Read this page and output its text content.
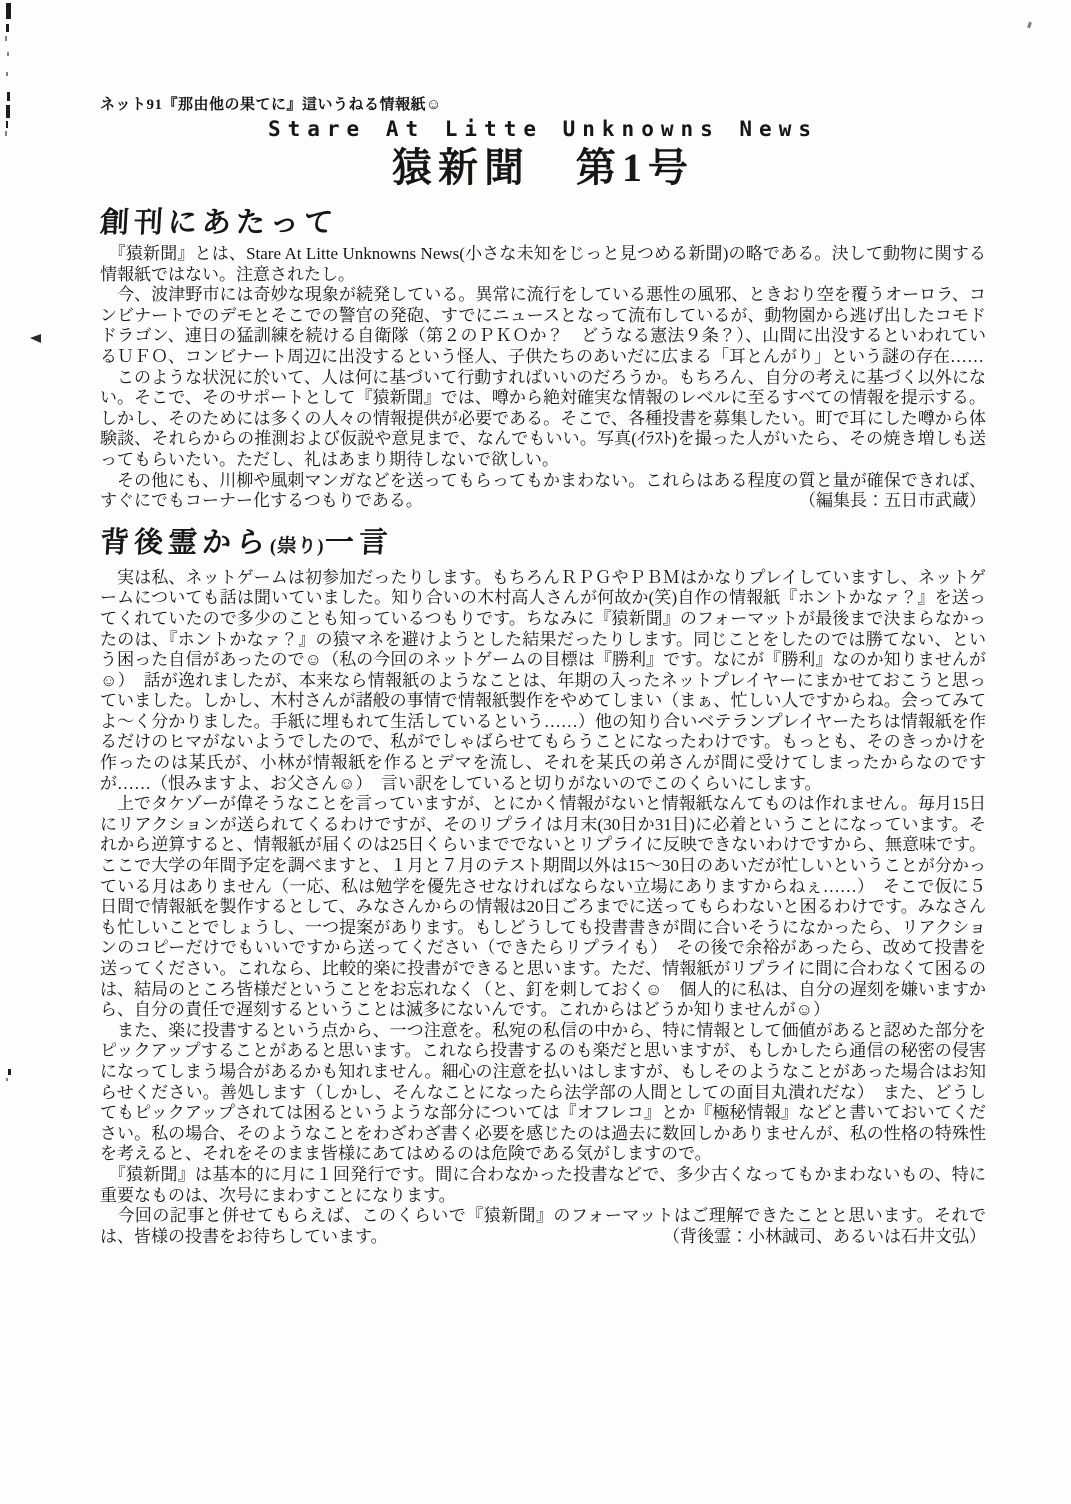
ネット91『那由他の果てに』這いうねる情報紙☺
Stare At Litte Unknowns News
猿新聞　第1号
創刊にあたって

　『猿新聞』とは、Stare At Litte Unknowns News(小さな未知をじっと見つめる新聞)の略である。決して動物に関する情報紙ではない。注意されたし。

　今、波津野市には奇妙な現象が続発している。異常に流行をしている悪性の風邪、ときおり空を覆うオーロラ、コンビナートでのデモとそこでの警官の発砲、すでにニュースとなって流布しているが、動物園から逃げ出したコモドドラゴン、連日の猛訓練を続ける自衛隊（第２のＰＫＯか？　どうなる憲法９条？）、山間に出没するといわれているＵＦＯ、コンビナート周辺に出没するという怪人、子供たちのあいだに広まる「耳とんがり」という謎の存在……

　このような状況に於いて、人は何に基づいて行動すればいいのだろうか。もちろん、自分の考えに基づく以外にない。そこで、そのサポートとして『猿新聞』では、噂から絶対確実な情報のレベルに至るすべての情報を提示する。しかし、そのためには多くの人々の情報提供が必要である。そこで、各種投書を募集したい。町で耳にした噂から体験談、それらからの推測および仮説や意見まで、なんでもいい。写真(ｲﾗｽﾄ)を撮った人がいたら、その焼き増しも送ってもらいたい。ただし、礼はあまり期待しないで欲しい。

　その他にも、川柳や風刺マンガなどを送ってもらってもかまわない。これらはある程度の質と量が確保できれば、すぐにでもコーナー化するつもりである。	（編集長：五日市武蔵）
背後霊から(祟り)一言

　実は私、ネットゲームは初参加だったりします。もちろんＲＰＧやＰＢＭはかなりプレイしていますし、ネットゲームについても話は聞いていました。知り合いの木村高人さんが何故か(笑)自作の情報紙『ホントかなァ？』を送ってくれていたので多少のことも知っているつもりです。ちなみに『猿新聞』のフォーマットが最後まで決まらなかったのは、『ホントかなァ？』の猿マネを避けようとした結果だったりします。同じことをしたのでは勝てない、という困った自信があったので☺（私の今回のネットゲームの目標は『勝利』です。なにが『勝利』なのか知りませんが☺）　話が逸れましたが、本来なら情報紙のようなことは、年期の入ったネットプレイヤーにまかせておこうと思っていました。しかし、木村さんが諸般の事情で情報紙製作をやめてしまい（まぁ、忙しい人ですからね。会ってみてよ～く分かりました。手紙に埋もれて生活しているという……）他の知り合いベテランプレイヤーたちは情報紙を作るだけのヒマがないようでしたので、私がでしゃばらせてもらうことになったわけです。もっとも、そのきっかけを作ったのは某氏が、小林が情報紙を作るとデマを流し、それを某氏の弟さんが間に受けてしまったからなのですが……（恨みますよ、お父さん☺）　言い訳をしていると切りがないのでこのくらいにします。

　上でタケゾーが偉そうなことを言っていますが、とにかく情報がないと情報紙なんてものは作れません。毎月15日にリアクションが送られてくるわけですが、そのリプライは月末(30日か31日)に必着ということになっています。それから逆算すると、情報紙が届くのは25日くらいまででないとリプライに反映できないわけですから、無意味です。ここで大学の年間予定を調べますと、１月と７月のテスト期間以外は15～30日のあいだが忙しいということが分かっている月はありません（一応、私は勉学を優先させなければならない立場にありますからねぇ……）　そこで仮に５日間で情報紙を製作するとして、みなさんからの情報は20日ごろまでに送ってもらわないと困るわけです。みなさんも忙しいことでしょうし、一つ提案があります。もしどうしても投書書きが間に合いそうになかったら、リアクションのコピーだけでもいいですから送ってください（できたらリプライも）　その後で余裕があったら、改めて投書を送ってください。これなら、比較的楽に投書ができると思います。ただ、情報紙がリプライに間に合わなくて困るのは、結局のところ皆様だということをお忘れなく（と、釘を刺しておく☺　個人的に私は、自分の遅刻を嫌いますから、自分の責任で遅刻するということは滅多にないんです。これからはどうか知りませんが☺）

　また、楽に投書するという点から、一つ注意を。私宛の私信の中から、特に情報として価値があると認めた部分をピックアップすることがあると思います。これなら投書するのも楽だと思いますが、もしかしたら通信の秘密の侵害になってしまう場合があるかも知れません。細心の注意を払いはしますが、もしそのようなことがあった場合はお知らせください。善処します（しかし、そんなことになったら法学部の人間としての面目丸潰れだな）　また、どうしてもピックアップされては困るというような部分については『オフレコ』とか『極秘情報』などと書いておいてください。私の場合、そのようなことをわざわざ書く必要を感じたのは過去に数回しかありませんが、私の性格の特殊性を考えると、それをそのまま皆様にあてはめるのは危険である気がしますので。

　『猿新聞』は基本的に月に１回発行です。間に合わなかった投書などで、多少古くなってもかまわないもの、特に重要なものは、次号にまわすことになります。

　今回の記事と併せてもらえば、このくらいで『猿新聞』のフォーマットはご理解できたことと思います。それでは、皆様の投書をお待ちしています。	（背後霊：小林誠司、あるいは石井文弘）
